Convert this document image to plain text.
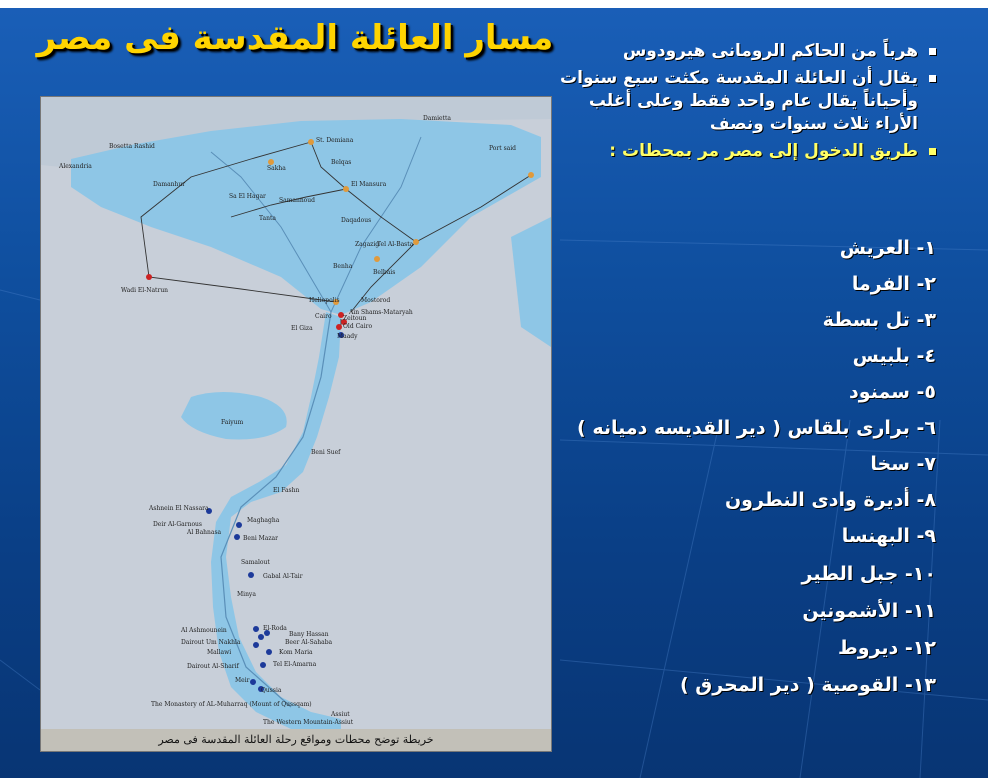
مسار العائلة المقدسة فى مصر
Damietta
Bosetta Rashid
Alexandria
St. Demiana
Port said
Sakha
Belqas
Damanhur	El Mansura
Sa El Hagar
Samannoud
Tanta	Daqadous
Zagazig
Tel Al-Basta
Wadi El-Natrun
Benha
Belbais
Heliopolis	Mostorod
Ain Shams-Mataryah
Zeitoun
Cairo
Old Cairo
El Giza
Maady
Faiyum
Beni Suef
El Fashn
Ashnein El Nassara
Deir Al-Garnous
Maghagha
Al Bahnasa
Beni Mazar
Samalout
Gabal Al-Tair
Minya
Al Ashmounein	El-Roda
Bany Hassan
Dairout Um Nakhla	Beer Al-Sahaba
Kom Maria
Mallawi
Dairout Al-Sharif	Tel El-Amarna
Meir
Qussia
The Monastery of AL-Muharraq (Mount of Qussqam)
Assiut
The Western Mountain-Assiut
خريطة توضح محطات ومواقع رحلة العائلة المقدسة فى مصر
هرباً من الحاكم الرومانى هيرودوس
يقال أن العائلة المقدسة مكثت سبع سنوات وأحياناً يقال عام واحد فقط وعلى أغلب الأراء ثلاث سنوات ونصف
طريق الدخول إلى مصر مر بمحطات :
١- العريش
٢- الفرما
٣- تل بسطة
٤- بلبيس
٥- سمنود
٦- برارى بلقاس ( دير القديسه دميانه )
٧- سخا
٨- أديرة وادى النطرون
٩- البهنسا
١٠- جبل الطير
١١- الأشمونين
١٢- ديروط
١٣- القوصية ( دير المحرق )
